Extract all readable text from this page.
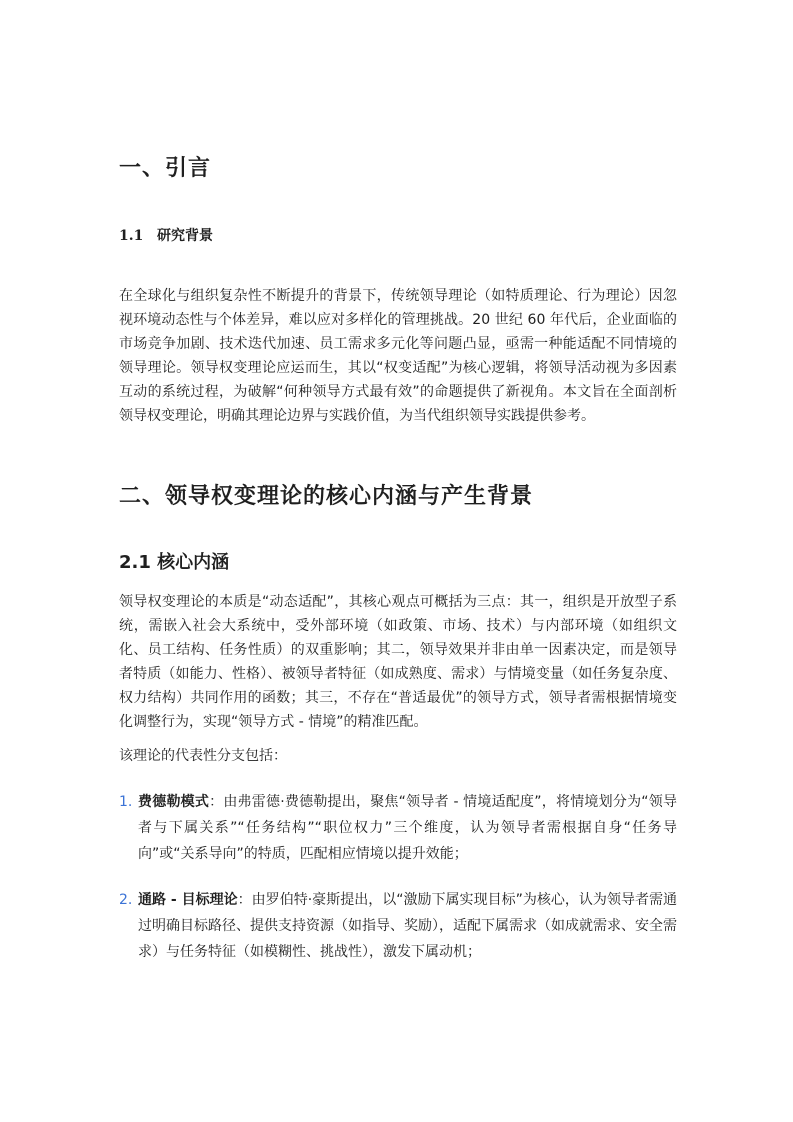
一、引言
1.1 研究背景

在全球化与组织复杂性不断提升的背景下，传统领导理论（如特质理论、行为理论）因忽视环境动态性与个体差异，难以应对多样化的管理挑战。20 世纪 60 年代后，企业面临的市场竞争加剧、技术迭代加速、员工需求多元化等问题凸显，亟需一种能适配不同情境的领导理论。领导权变理论应运而生，其以“权变适配”为核心逻辑，将领导活动视为多因素互动的系统过程，为破解“何种领导方式最有效”的命题提供了新视角。本文旨在全面剖析领导权变理论，明确其理论边界与实践价值，为当代组织领导实践提供参考。

二、领导权变理论的核心内涵与产生背景
2.1 核心内涵

领导权变理论的本质是“动态适配”，其核心观点可概括为三点：其一，组织是开放型子系统，需嵌入社会大系统中，受外部环境（如政策、市场、技术）与内部环境（如组织文化、员工结构、任务性质）的双重影响；其二，领导效果并非由单一因素决定，而是领导者特质（如能力、性格）、被领导者特征（如成熟度、需求）与情境变量（如任务复杂度、权力结构）共同作用的函数；其三，不存在“普适最优”的领导方式，领导者需根据情境变化调整行为，实现“领导方式 - 情境”的精准匹配。

该理论的代表性分支包括：

1. 费德勒模式：由弗雷德·费德勒提出，聚焦“领导者 - 情境适配度”，将情境划分为“领导者与下属关系”“任务结构”“职位权力”三个维度，认为领导者需根据自身“任务导向”或“关系导向”的特质，匹配相应情境以提升效能；

2. 通路 - 目标理论：由罗伯特·豪斯提出，以“激励下属实现目标”为核心，认为领导者需通过明确目标路径、提供支持资源（如指导、奖励），适配下属需求（如成就需求、安全需求）与任务特征（如模糊性、挑战性），激发下属动机；
